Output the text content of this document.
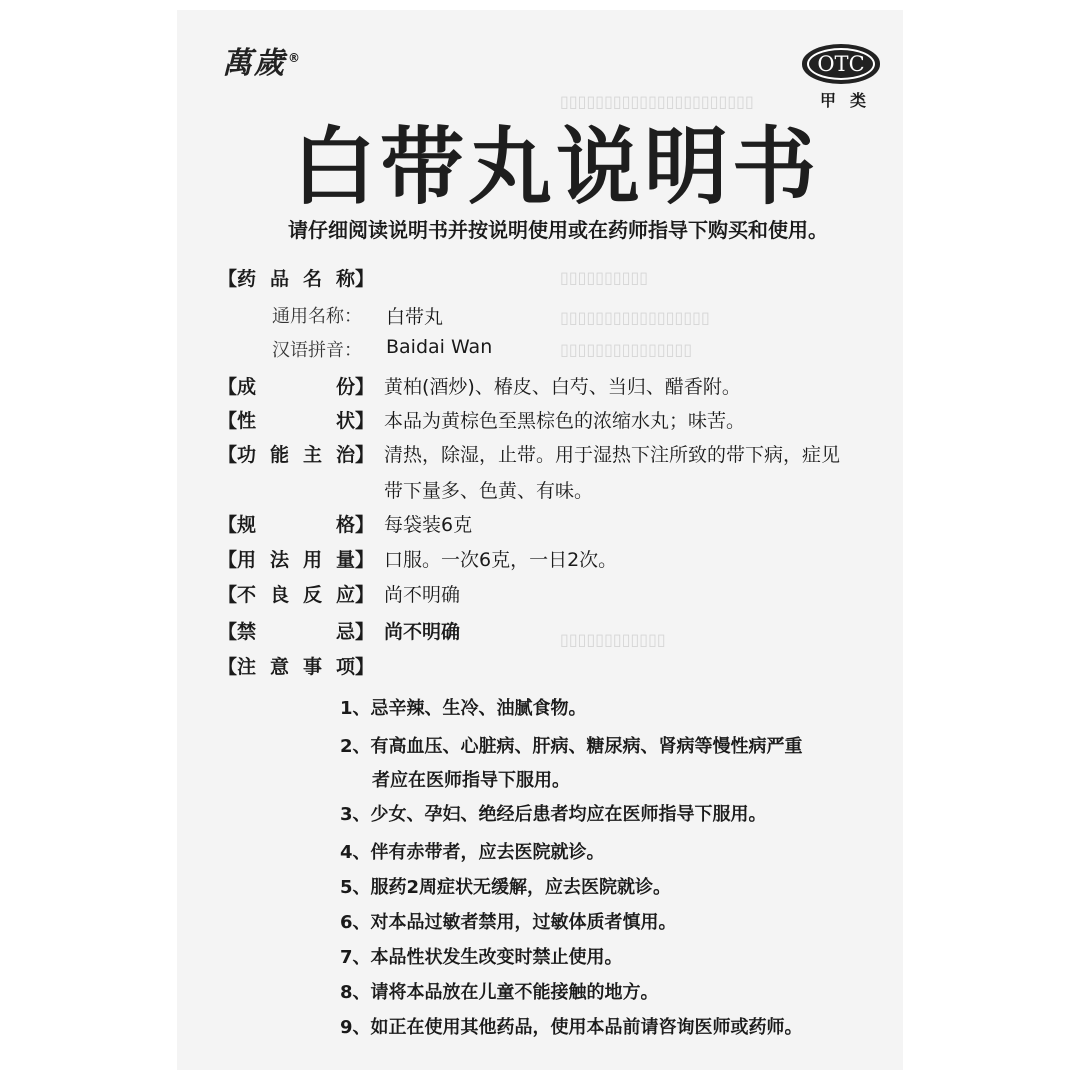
▯▯▯▯▯▯▯▯▯▯▯▯▯▯▯▯▯▯▯▯▯▯
▯▯▯▯▯▯▯▯▯▯
▯▯▯▯▯▯▯▯▯▯▯▯▯▯▯▯▯
▯▯▯▯▯▯▯▯▯▯▯▯▯▯▯
▯▯▯▯▯▯▯▯▯▯▯▯
萬歲 ®	OTC
甲类
白带丸说明书
请仔细阅读说明书并按说明使用或在药师指导下购买和使用。
【药品名称】
通用名称： 白带丸
汉语拼音： Baidai Wan
【成 份】 黄柏(酒炒)、椿皮、白芍、当归、醋香附。
【性 状】 本品为黄棕色至黑棕色的浓缩水丸；味苦。
【功能主治】 清热，除湿，止带。用于湿热下注所致的带下病，症见
带下量多、色黄、有味。
【规 格】 每袋装6克
【用法用量】 口服。一次6克，一日2次。
【不良反应】 尚不明确
【禁 忌】 尚不明确
【注意事项】
1、忌辛辣、生冷、油腻食物。
2、有高血压、心脏病、肝病、糖尿病、肾病等慢性病严重
者应在医师指导下服用。
3、少女、孕妇、绝经后患者均应在医师指导下服用。
4、伴有赤带者，应去医院就诊。
5、服药2周症状无缓解，应去医院就诊。
6、对本品过敏者禁用，过敏体质者慎用。
7、本品性状发生改变时禁止使用。
8、请将本品放在儿童不能接触的地方。
9、如正在使用其他药品，使用本品前请咨询医师或药师。
